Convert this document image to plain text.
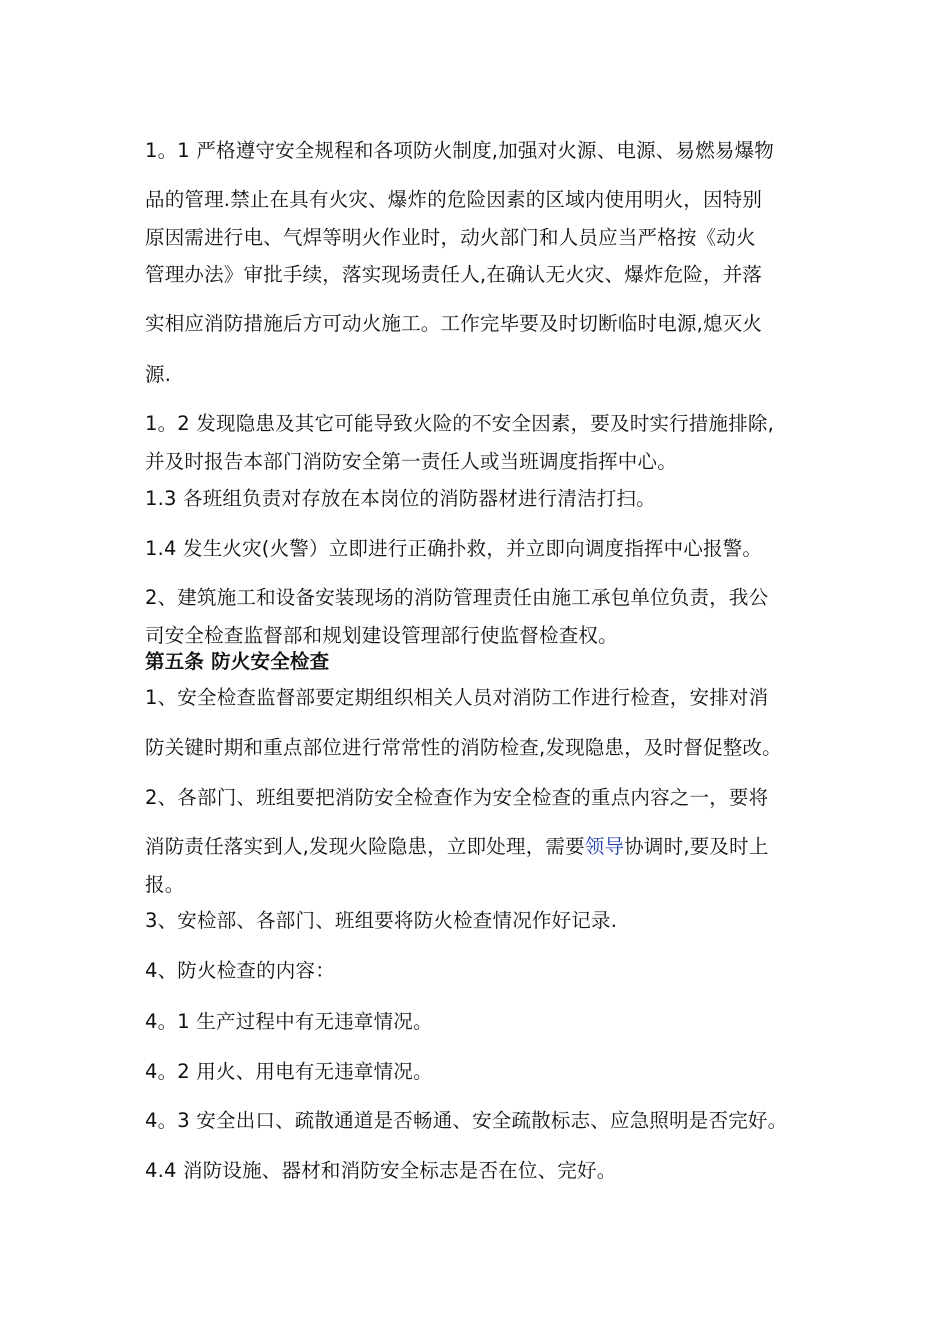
1。1 严格遵守安全规程和各项防火制度,加强对火源、电源、易燃易爆物
品的管理.禁止在具有火灾、爆炸的危险因素的区域内使用明火，因特别
原因需进行电、气焊等明火作业时，动火部门和人员应当严格按《动火
管理办法》审批手续，落实现场责任人,在确认无火灾、爆炸危险，并落
实相应消防措施后方可动火施工。工作完毕要及时切断临时电源,熄灭火
源.
1。2 发现隐患及其它可能导致火险的不安全因素，要及时实行措施排除,
并及时报告本部门消防安全第一责任人或当班调度指挥中心。
1.3 各班组负责对存放在本岗位的消防器材进行清洁打扫。
1.4 发生火灾(火警）立即进行正确扑救，并立即向调度指挥中心报警。
2、建筑施工和设备安装现场的消防管理责任由施工承包单位负责，我公
司安全检查监督部和规划建设管理部行使监督检查权。
第五条 防火安全检查
1、安全检查监督部要定期组织相关人员对消防工作进行检查，安排对消
防关键时期和重点部位进行常常性的消防检查,发现隐患，及时督促整改。
2、各部门、班组要把消防安全检查作为安全检查的重点内容之一，要将
消防责任落实到人,发现火险隐患，立即处理，需要领导协调时,要及时上
报。
3、安检部、各部门、班组要将防火检查情况作好记录.
4、防火检查的内容：
4。1 生产过程中有无违章情况。
4。2 用火、用电有无违章情况。
4。3 安全出口、疏散通道是否畅通、安全疏散标志、应急照明是否完好。
4.4 消防设施、器材和消防安全标志是否在位、完好。
